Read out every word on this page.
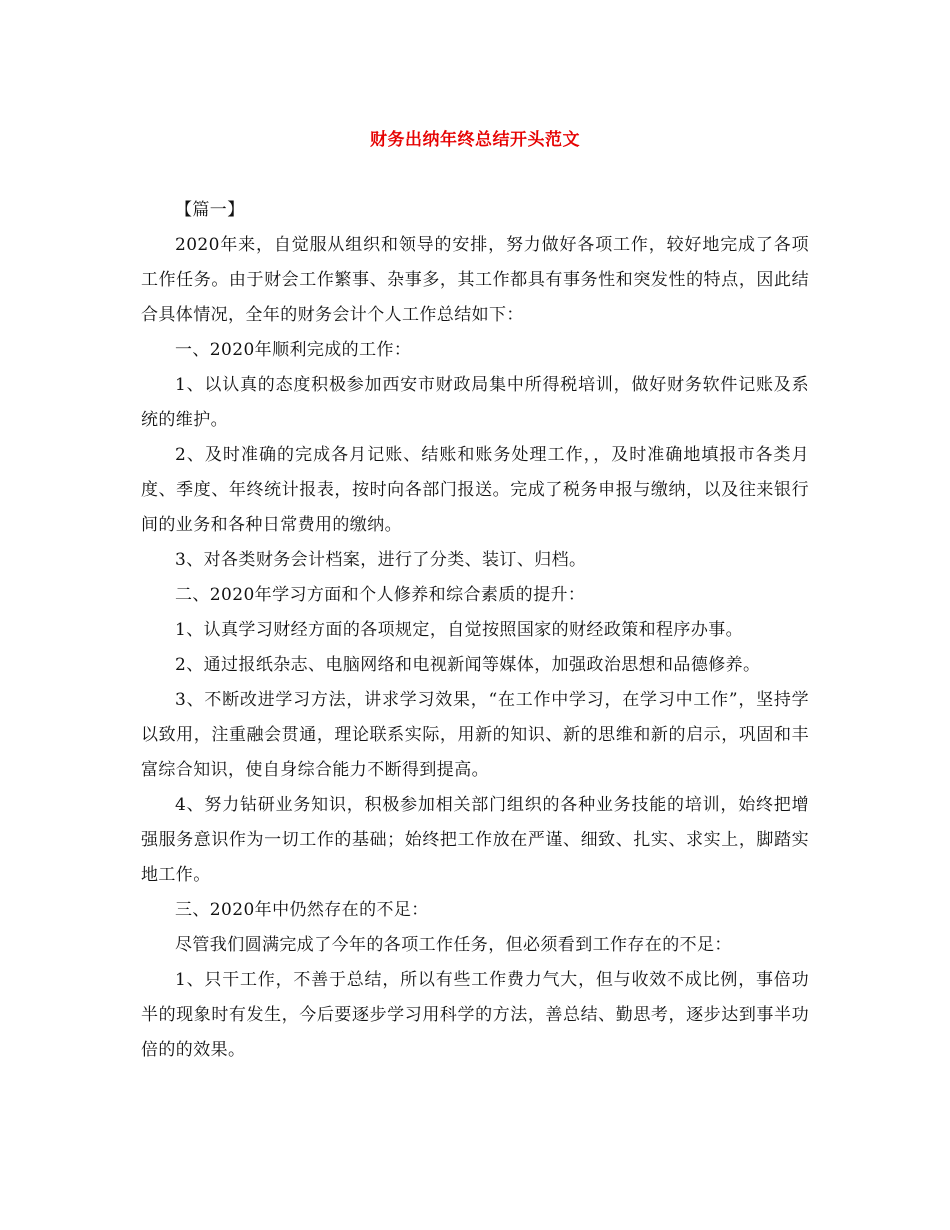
财务出纳年终总结开头范文

【篇一】

2020年来，自觉服从组织和领导的安排，努力做好各项工作，较好地完成了各项工作任务。由于财会工作繁事、杂事多，其工作都具有事务性和突发性的特点，因此结合具体情况，全年的财务会计个人工作总结如下：

一、2020年顺利完成的工作：

1、以认真的态度积极参加西安市财政局集中所得税培训，做好财务软件记账及系统的维护。

2、及时准确的完成各月记账、结账和账务处理工作，，及时准确地填报市各类月度、季度、年终统计报表，按时向各部门报送。完成了税务申报与缴纳，以及往来银行间的业务和各种日常费用的缴纳。

3、对各类财务会计档案，进行了分类、装订、归档。

二、2020年学习方面和个人修养和综合素质的提升：

1、认真学习财经方面的各项规定，自觉按照国家的财经政策和程序办事。

2、通过报纸杂志、电脑网络和电视新闻等媒体，加强政治思想和品德修养。

3、不断改进学习方法，讲求学习效果，“在工作中学习，在学习中工作”，坚持学以致用，注重融会贯通，理论联系实际，用新的知识、新的思维和新的启示，巩固和丰富综合知识，使自身综合能力不断得到提高。

4、努力钻研业务知识，积极参加相关部门组织的各种业务技能的培训，始终把增强服务意识作为一切工作的基础；始终把工作放在严谨、细致、扎实、求实上，脚踏实地工作。

三、2020年中仍然存在的不足：

尽管我们圆满完成了今年的各项工作任务，但必须看到工作存在的不足：

1、只干工作，不善于总结，所以有些工作费力气大，但与收效不成比例，事倍功半的现象时有发生，今后要逐步学习用科学的方法，善总结、勤思考，逐步达到事半功倍的的效果。
